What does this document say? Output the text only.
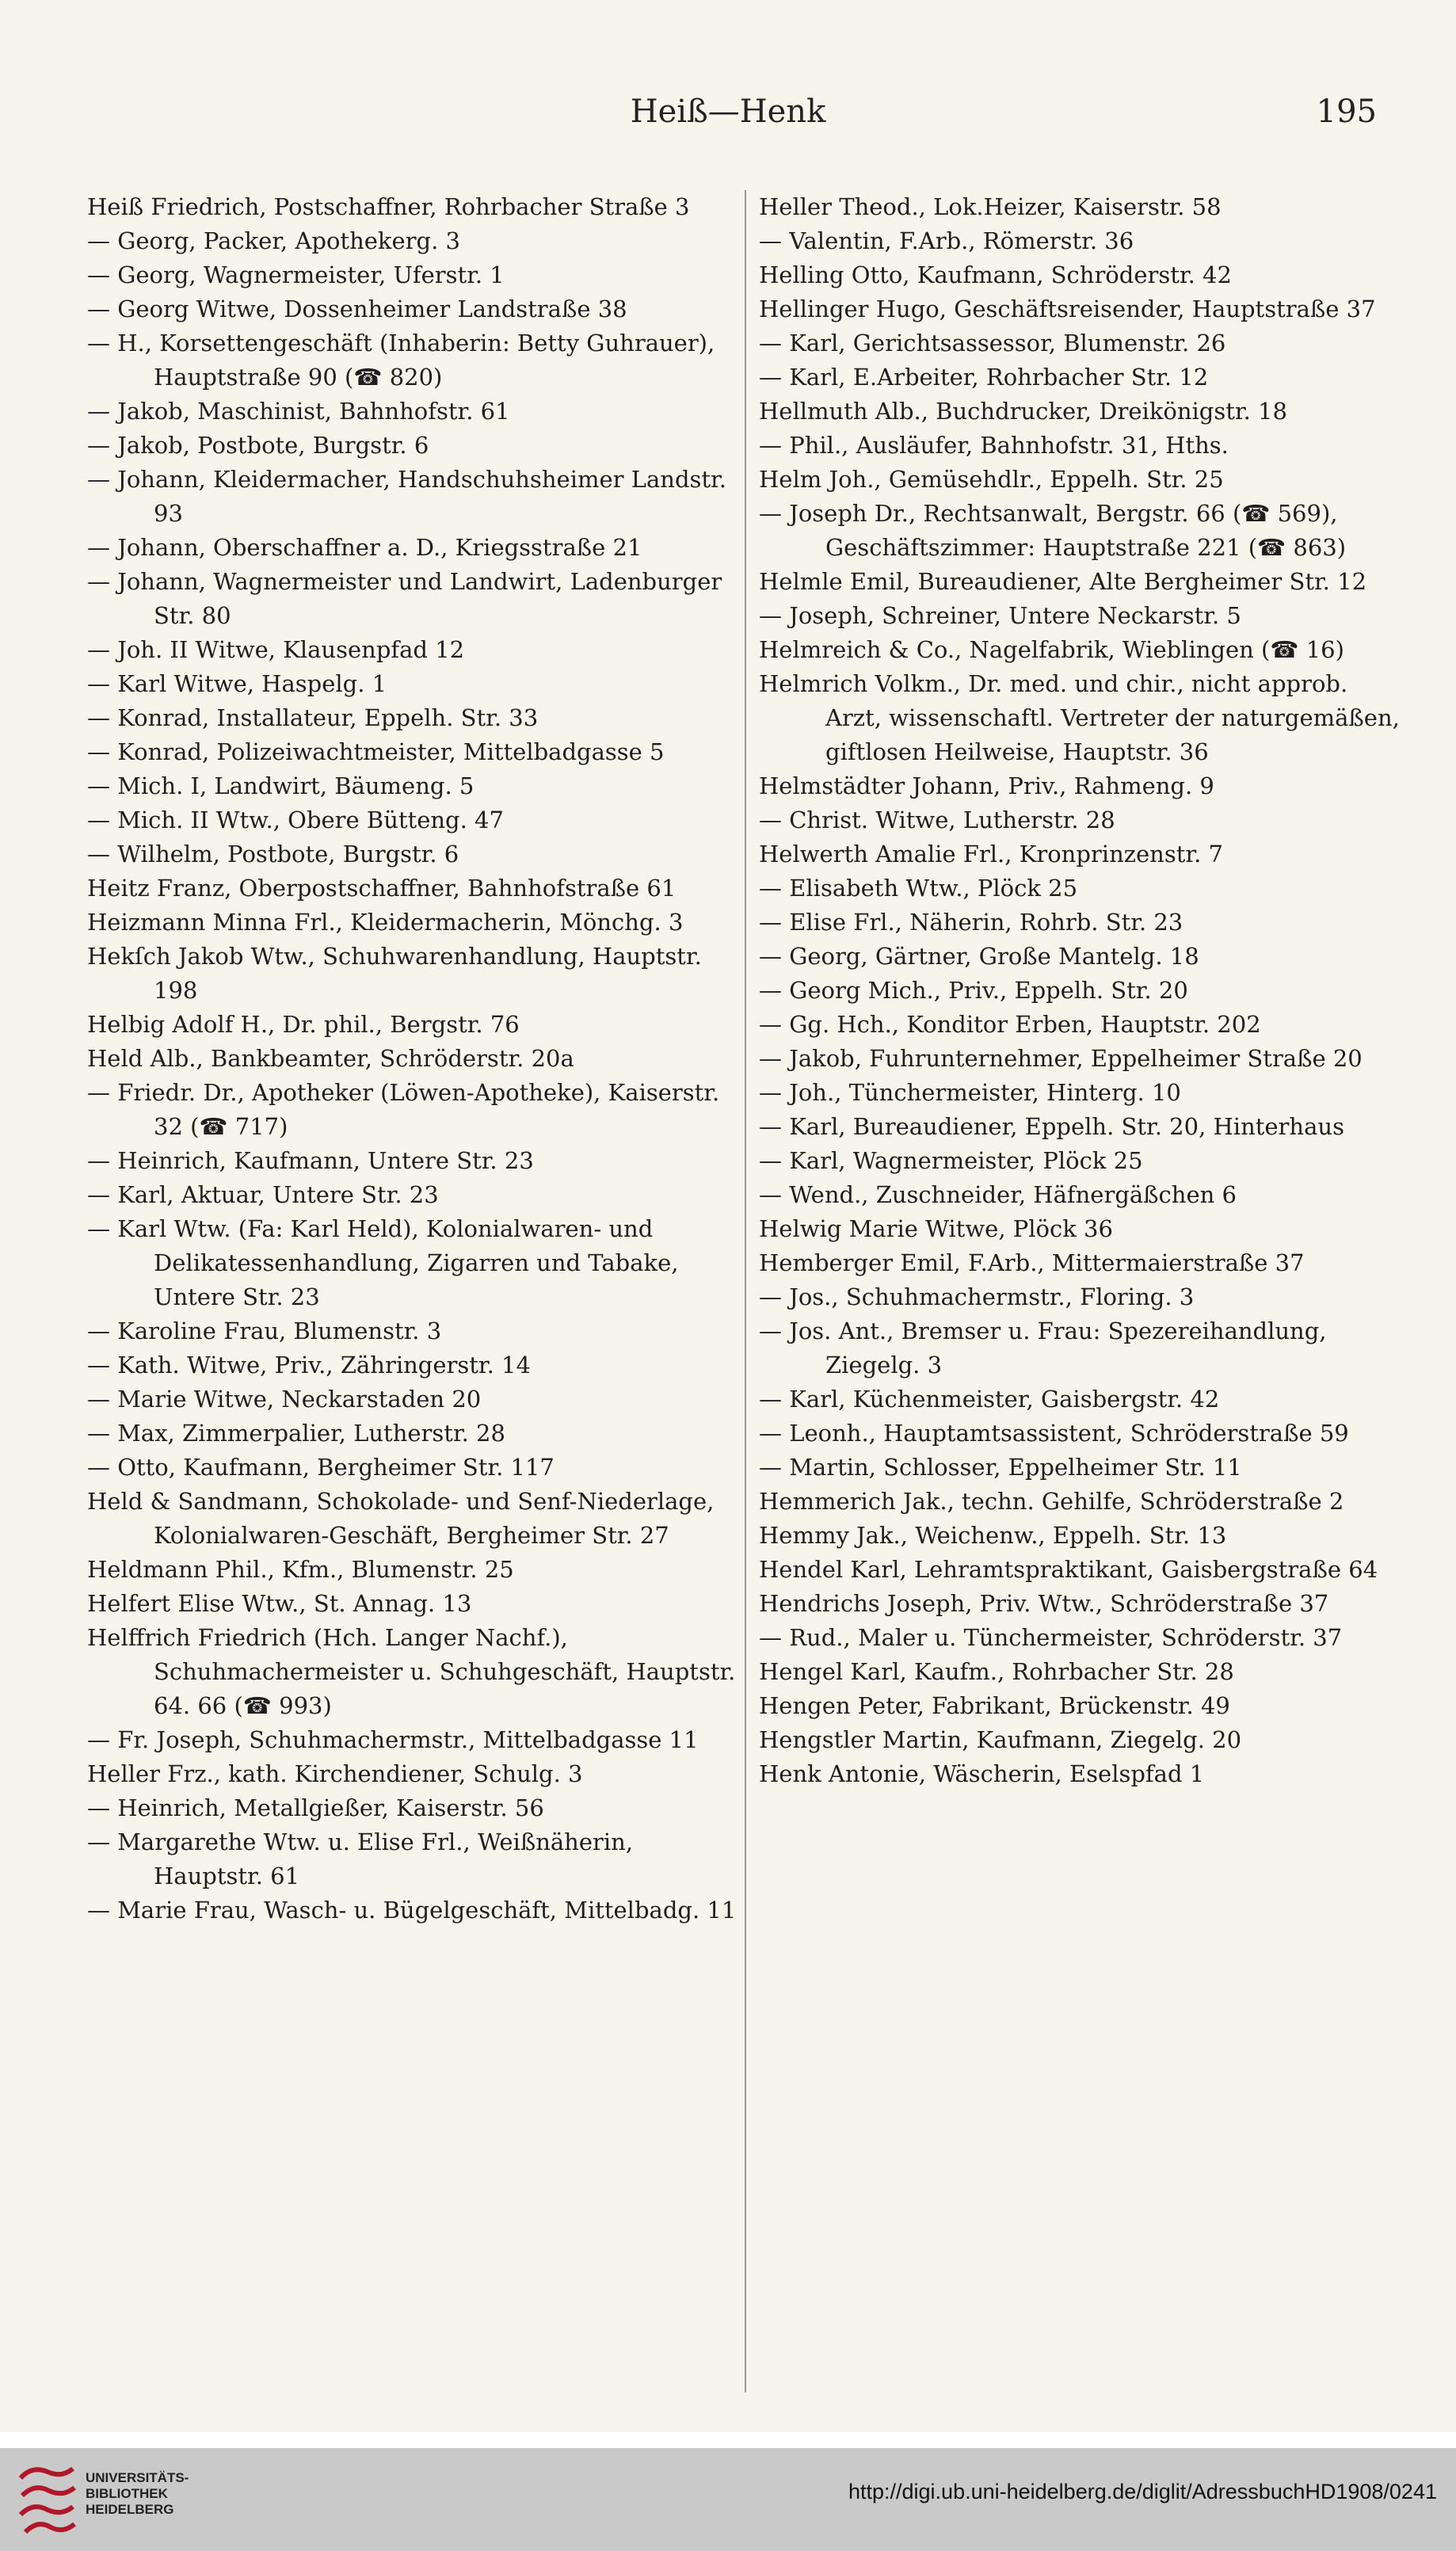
Heiß—Henk	195

Heiß Friedrich, Postschaffner, Rohrbacher Straße 3

— Georg, Packer, Apothekerg. 3

— Georg, Wagnermeister, Uferstr. 1

— Georg Witwe, Dossenheimer Landstraße 38

— H., Korsettengeschäft (Inhaberin: Betty Guhrauer), Hauptstraße 90 (☎ 820)

— Jakob, Maschinist, Bahnhofstr. 61

— Jakob, Postbote, Burgstr. 6

— Johann, Kleidermacher, Handschuhsheimer Landstr. 93

— Johann, Oberschaffner a. D., Kriegsstraße 21

— Johann, Wagnermeister und Landwirt, Ladenburger Str. 80

— Joh. II Witwe, Klausenpfad 12

— Karl Witwe, Haspelg. 1

— Konrad, Installateur, Eppelh. Str. 33

— Konrad, Polizeiwachtmeister, Mittelbadgasse 5

— Mich. I, Landwirt, Bäumeng. 5

— Mich. II Wtw., Obere Bütteng. 47

— Wilhelm, Postbote, Burgstr. 6

Heitz Franz, Oberpostschaffner, Bahnhofstraße 61

Heizmann Minna Frl., Kleidermacherin, Mönchg. 3

Hekſch Jakob Wtw., Schuhwarenhandlung, Hauptstr. 198

Helbig Adolf H., Dr. phil., Bergstr. 76

Held Alb., Bankbeamter, Schröderstr. 20a

— Friedr. Dr., Apotheker (Löwen-Apotheke), Kaiserstr. 32 (☎ 717)

— Heinrich, Kaufmann, Untere Str. 23

— Karl, Aktuar, Untere Str. 23

— Karl Wtw. (Fa: Karl Held), Kolonialwaren- und Delikatessenhandlung, Zigarren und Tabake, Untere Str. 23

— Karoline Frau, Blumenstr. 3

— Kath. Witwe, Priv., Zähringerstr. 14

— Marie Witwe, Neckarstaden 20

— Max, Zimmerpalier, Lutherstr. 28

— Otto, Kaufmann, Bergheimer Str. 117

Held & Sandmann, Schokolade- und Senf-Niederlage, Kolonialwaren-Geschäft, Bergheimer Str. 27

Heldmann Phil., Kfm., Blumenstr. 25

Helfert Elise Wtw., St. Annag. 13

Helffrich Friedrich (Hch. Langer Nachf.), Schuhmachermeister u. Schuhgeschäft, Hauptstr. 64. 66 (☎ 993)

— Fr. Joseph, Schuhmachermstr., Mittelbadgasse 11

Heller Frz., kath. Kirchendiener, Schulg. 3

— Heinrich, Metallgießer, Kaiserstr. 56

— Margarethe Wtw. u. Elise Frl., Weißnäherin, Hauptstr. 61

— Marie Frau, Wasch- u. Bügelgeschäft, Mittelbadg. 11

Heller Theod., Lok.Heizer, Kaiserstr. 58

— Valentin, F.Arb., Römerstr. 36

Helling Otto, Kaufmann, Schröderstr. 42

Hellinger Hugo, Geschäftsreisender, Hauptstraße 37

— Karl, Gerichtsassessor, Blumenstr. 26

— Karl, E.Arbeiter, Rohrbacher Str. 12

Hellmuth Alb., Buchdrucker, Dreikönigstr. 18

— Phil., Ausläufer, Bahnhofstr. 31, Hths.

Helm Joh., Gemüsehdlr., Eppelh. Str. 25

— Joseph Dr., Rechtsanwalt, Bergstr. 66 (☎ 569), Geschäftszimmer: Hauptstraße 221 (☎ 863)

Helmle Emil, Bureaudiener, Alte Bergheimer Str. 12

— Joseph, Schreiner, Untere Neckarstr. 5

Helmreich & Co., Nagelfabrik, Wieblingen (☎ 16)

Helmrich Volkm., Dr. med. und chir., nicht approb. Arzt, wissenschaftl. Vertreter der naturgemäßen, giftlosen Heilweise, Hauptstr. 36

Helmstädter Johann, Priv., Rahmeng. 9

— Christ. Witwe, Lutherstr. 28

Helwerth Amalie Frl., Kronprinzenstr. 7

— Elisabeth Wtw., Plöck 25

— Elise Frl., Näherin, Rohrb. Str. 23

— Georg, Gärtner, Große Mantelg. 18

— Georg Mich., Priv., Eppelh. Str. 20

— Gg. Hch., Konditor Erben, Hauptstr. 202

— Jakob, Fuhrunternehmer, Eppelheimer Straße 20

— Joh., Tünchermeister, Hinterg. 10

— Karl, Bureaudiener, Eppelh. Str. 20, Hinterhaus

— Karl, Wagnermeister, Plöck 25

— Wend., Zuschneider, Häfnergäßchen 6

Helwig Marie Witwe, Plöck 36

Hemberger Emil, F.Arb., Mittermaierstraße 37

— Jos., Schuhmachermstr., Floring. 3

— Jos. Ant., Bremser u. Frau: Spezereihandlung, Ziegelg. 3

— Karl, Küchenmeister, Gaisbergstr. 42

— Leonh., Hauptamtsassistent, Schröderstraße 59

— Martin, Schlosser, Eppelheimer Str. 11

Hemmerich Jak., techn. Gehilfe, Schröderstraße 2

Hemmy Jak., Weichenw., Eppelh. Str. 13

Hendel Karl, Lehramtspraktikant, Gaisbergstraße 64

Hendrichs Joseph, Priv. Wtw., Schröderstraße 37

— Rud., Maler u. Tünchermeister, Schröderstr. 37

Hengel Karl, Kaufm., Rohrbacher Str. 28

Hengen Peter, Fabrikant, Brückenstr. 49

Hengstler Martin, Kaufmann, Ziegelg. 20

Henk Antonie, Wäscherin, Eselspfad 1

UNIVERSITÄTS-
BIBLIOTHEK
HEIDELBERG
http://digi.ub.uni-heidelberg.de/diglit/AdressbuchHD1908/0241
